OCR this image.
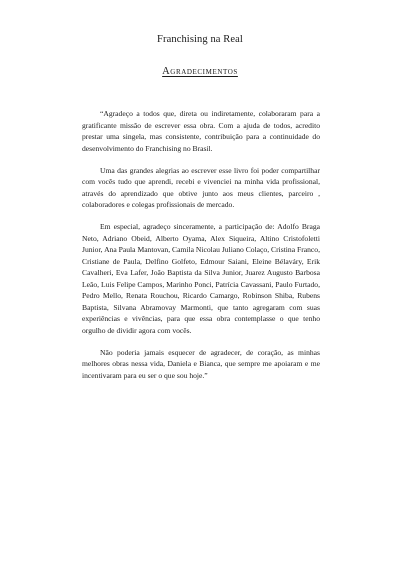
Franchising na Real
Agradecimentos

“Agradeço a todos que, direta ou indiretamente, colaboraram para a gratificante missão de escrever essa obra. Com a ajuda de todos, acredito prestar uma singela, mas consistente, contribuição para a continuidade do desenvolvimento do Franchising no Brasil.

Uma das grandes alegrias ao escrever esse livro foi poder compartilhar com vocês tudo que aprendi, recebi e vivenciei na minha vida profissional, através do aprendizado que obtive junto aos meus clientes, parceiro , colaboradores e colegas profissionais de mercado.

Em especial, agradeço sinceramente, a participação de: Adolfo Braga Neto, Adriano Obeid, Alberto Oyama, Alex Siqueira, Altino Cristofoletti Junior, Ana Paula Mantovan, Camila Nicolau Juliano Colaço, Cristina Franco, Cristiane de Paula, Delfino Golfeto, Edmour Saiani, Eleine Bélaváry, Erik Cavalheri, Eva Lafer, João Baptista da Silva Junior, Juarez Augusto Barbosa Leão, Luis Felipe Campos, Marinho Ponci, Patrícia Cavassani, Paulo Furtado, Pedro Mello, Renata Rouchou, Ricardo Camargo, Robinson Shiba, Rubens Baptista, Silvana Abramovay Marmonti, que tanto agregaram com suas experiências e vivências, para que essa obra contemplasse o que tenho orgulho de dividir agora com vocês.

Não poderia jamais esquecer de agradecer, de coração, as minhas melhores obras nessa vida, Daniela e Bianca, que sempre me apoiaram e me incentivaram para eu ser o que sou hoje.”
